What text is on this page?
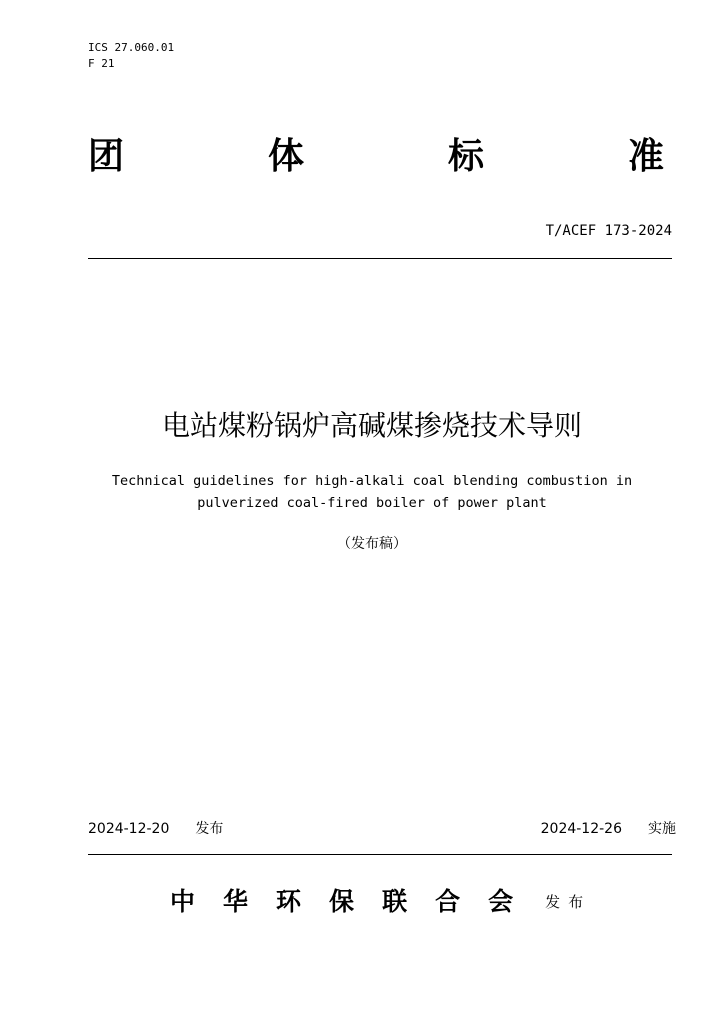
ICS 27.060.01
F 21
团	体	标	准
T/ACEF 173-2024
电站煤粉锅炉高碱煤掺烧技术导则
Technical guidelines for high-alkali coal blending combustion in
pulverized coal-fired boiler of power plant
（发布稿）
2024-12-20 发布	2024-12-26 实施
中 华 环 保 联 合 会 发布
